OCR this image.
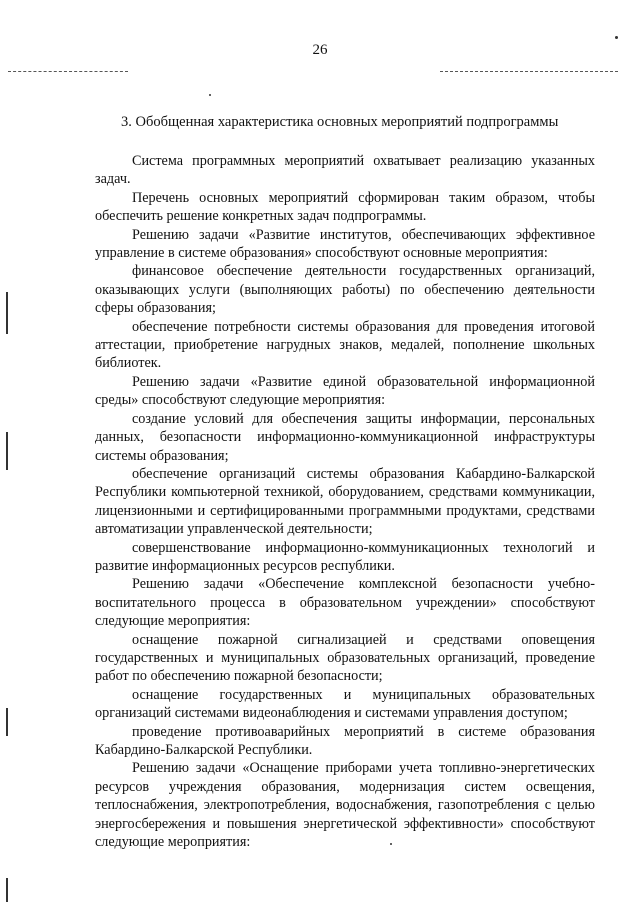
26
3. Обобщенная характеристика основных мероприятий подпрограммы

Система программных мероприятий охватывает реализацию указанных задач.

Перечень основных мероприятий сформирован таким образом, чтобы обеспечить решение конкретных задач подпрограммы.

Решению задачи «Развитие институтов, обеспечивающих эффективное управление в системе образования» способствуют основные мероприятия:

финансовое обеспечение деятельности государственных организаций, оказывающих услуги (выполняющих работы) по обеспечению деятельности сферы образования;

обеспечение потребности системы образования для проведения итоговой аттестации, приобретение нагрудных знаков, медалей, пополнение школьных библиотек.

Решению задачи «Развитие единой образовательной информационной среды» способствуют следующие мероприятия:

создание условий для обеспечения защиты информации, персональных данных, безопасности информационно-коммуникационной инфраструктуры системы образования;

обеспечение организаций системы образования Кабардино-Балкарской Республики компьютерной техникой, оборудованием, средствами коммуникации, лицензионными и сертифицированными программными продуктами, средствами автоматизации управленческой деятельности;

совершенствование информационно-коммуникационных технологий и развитие информационных ресурсов республики.

Решению задачи «Обеспечение комплексной безопасности учебно-воспитательного процесса в образовательном учреждении» способствуют следующие мероприятия:

оснащение пожарной сигнализацией и средствами оповещения государственных и муниципальных образовательных организаций, проведение работ по обеспечению пожарной безопасности;

оснащение государственных и муниципальных образовательных организаций системами видеонаблюдения и системами управления доступом;

проведение противоаварийных мероприятий в системе образования Кабардино-Балкарской Республики.

Решению задачи «Оснащение приборами учета топливно-энергетических ресурсов учреждения образования, модернизация систем освещения, теплоснабжения, электропотребления, водоснабжения, газопотребления с целью энергосбережения и повышения энергетической эффективности» способствуют следующие мероприятия:
